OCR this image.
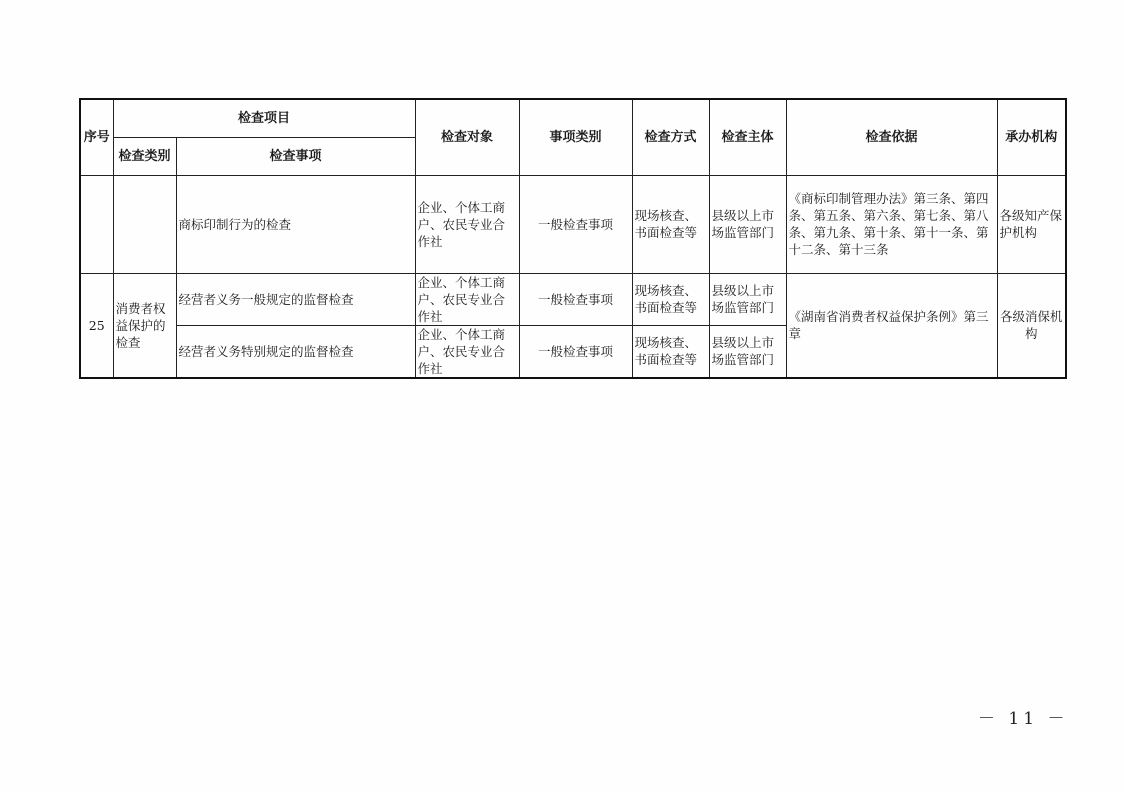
序号	检查项目		检查对象	事项类别	检查方式	检查主体	检查依据	承办机构
	检查类别	检查事项						
		商标印制行为的检查	企业、个体工商户、农民专业合作社	一般检查事项	现场核查、书面检查等	县级以上市场监管部门	《商标印制管理办法》第三条、第四条、第五条、第六条、第七条、第八条、第九条、第十条、第十一条、第十二条、第十三条	各级知产保护机构
25	消费者权益保护的检查	经营者义务一般规定的监督检查	企业、个体工商户、农民专业合作社	一般检查事项	现场核查、书面检查等	县级以上市场监管部门	《湖南省消费者权益保护条例》第三章	各级消保机构
		经营者义务特别规定的监督检查	企业、个体工商户、农民专业合作社	一般检查事项	现场核查、书面检查等	县级以上市场监管部门		
－ 11 －
